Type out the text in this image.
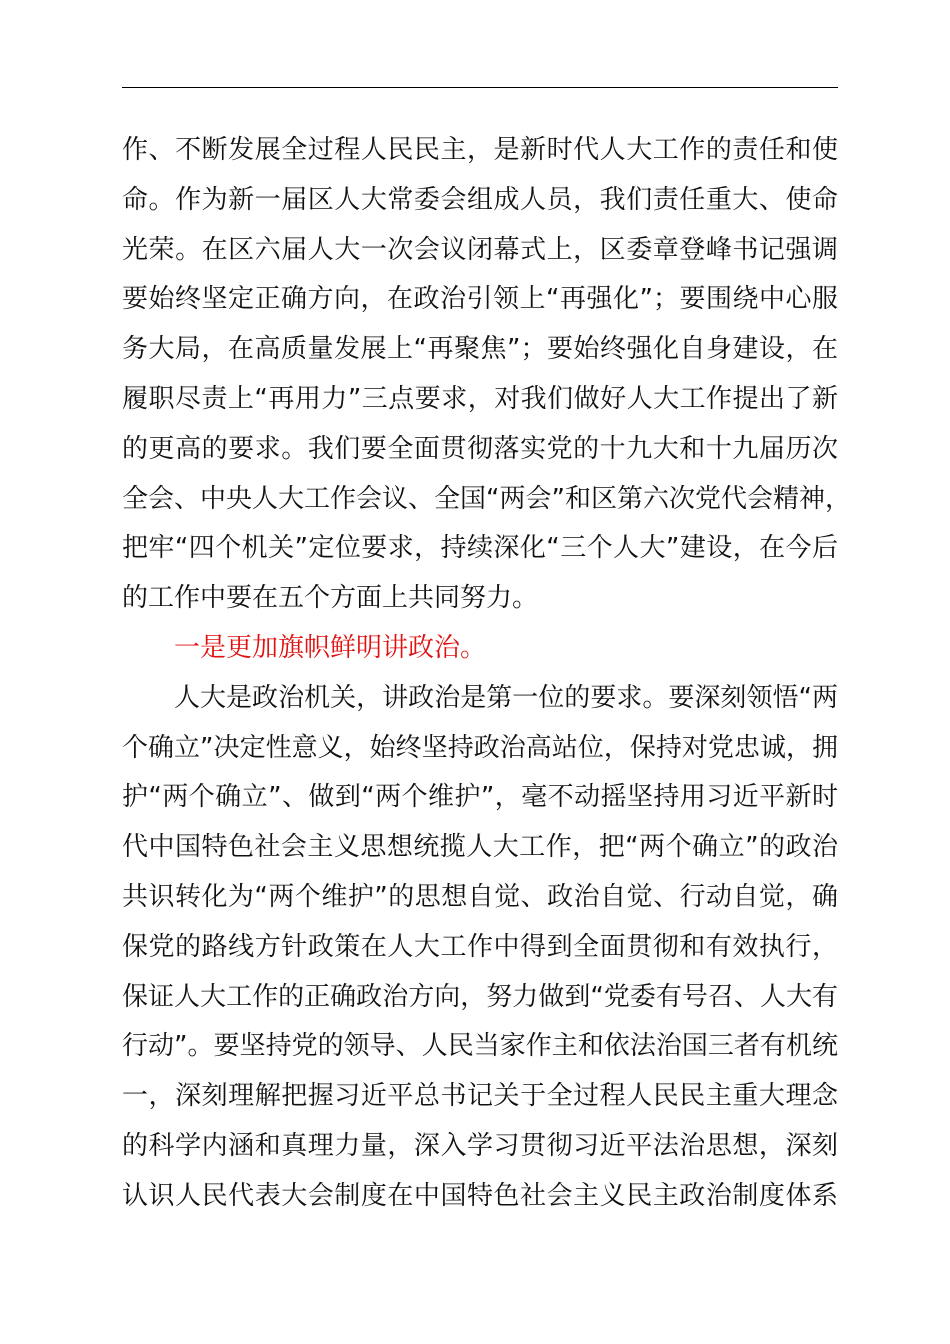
作、不断发展全过程人民民主，是新时代人大工作的责任和使
命。作为新一届区人大常委会组成人员，我们责任重大、使命
光荣。在区六届人大一次会议闭幕式上，区委章登峰书记强调
要始终坚定正确方向，在政治引领上“再强化”；要围绕中心服
务大局，在高质量发展上“再聚焦”；要始终强化自身建设，在
履职尽责上“再用力”三点要求，对我们做好人大工作提出了新
的更高的要求。我们要全面贯彻落实党的十九大和十九届历次
全会、中央人大工作会议、全国“两会”和区第六次党代会精神，
把牢“四个机关”定位要求，持续深化“三个人大”建设，在今后
的工作中要在五个方面上共同努力。
一是更加旗帜鲜明讲政治。
人大是政治机关，讲政治是第一位的要求。要深刻领悟“两
个确立”决定性意义，始终坚持政治高站位，保持对党忠诚，拥
护“两个确立”、做到“两个维护”，毫不动摇坚持用习近平新时
代中国特色社会主义思想统揽人大工作，把“两个确立”的政治
共识转化为“两个维护”的思想自觉、政治自觉、行动自觉，确
保党的路线方针政策在人大工作中得到全面贯彻和有效执行，
保证人大工作的正确政治方向，努力做到“党委有号召、人大有
行动”。要坚持党的领导、人民当家作主和依法治国三者有机统
一，深刻理解把握习近平总书记关于全过程人民民主重大理念
的科学内涵和真理力量，深入学习贯彻习近平法治思想，深刻
认识人民代表大会制度在中国特色社会主义民主政治制度体系
